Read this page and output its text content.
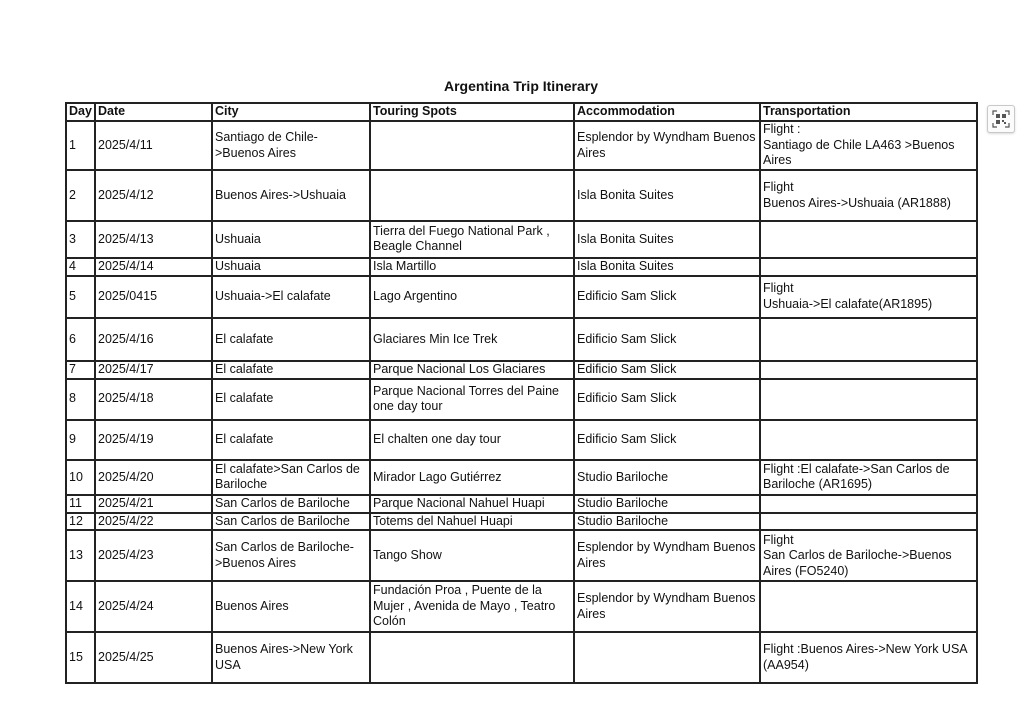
Argentina Trip Itinerary
Day	Date	City	Touring Spots	Accommodation	Transportation
1	2025/4/11	Santiago de Chile->Buenos Aires		Esplendor by Wyndham Buenos Aires	Flight :
Santiago de Chile LA463 >Buenos Aires
2	2025/4/12	Buenos Aires->Ushuaia		Isla Bonita Suites	Flight
Buenos Aires->Ushuaia (AR1888)
3	2025/4/13	Ushuaia	Tierra del Fuego National Park , Beagle Channel	Isla Bonita Suites	
4	2025/4/14	Ushuaia	Isla Martillo	Isla Bonita Suites	
5	2025/0415	Ushuaia->El calafate	Lago Argentino	Edificio Sam Slick	Flight
Ushuaia->El calafate(AR1895)
6	2025/4/16	El calafate	Glaciares Min Ice Trek	Edificio Sam Slick	
7	2025/4/17	El calafate	Parque Nacional Los Glaciares	Edificio Sam Slick	
8	2025/4/18	El calafate	Parque Nacional Torres del Paine one day tour	Edificio Sam Slick	
9	2025/4/19	El calafate	El chalten one day tour	Edificio Sam Slick	
10	2025/4/20	El calafate>San Carlos de Bariloche	Mirador Lago Gutiérrez	Studio Bariloche	Flight :El calafate->San Carlos de Bariloche (AR1695)
11	2025/4/21	San Carlos de Bariloche	Parque Nacional Nahuel Huapi	Studio Bariloche	
12	2025/4/22	San Carlos de Bariloche	Totems del Nahuel Huapi	Studio Bariloche	
13	2025/4/23	San Carlos de Bariloche->Buenos Aires	Tango Show	Esplendor by Wyndham Buenos Aires	Flight
San Carlos de Bariloche->Buenos Aires (FO5240)
14	2025/4/24	Buenos Aires	Fundación Proa , Puente de la Mujer , Avenida de Mayo , Teatro Colón	Esplendor by Wyndham Buenos Aires	
15	2025/4/25	Buenos Aires->New York USA			Flight :Buenos Aires->New York USA (AA954)
